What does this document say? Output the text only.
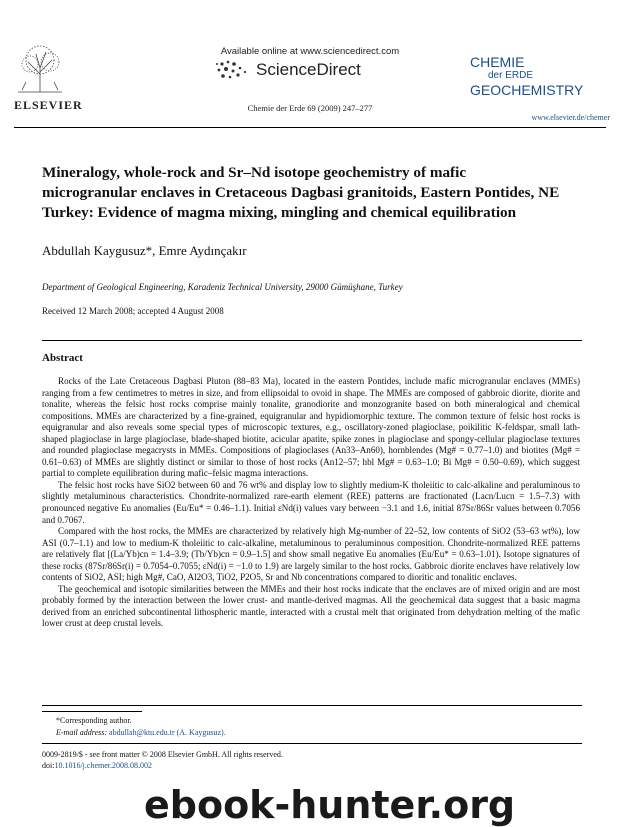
ELSEVIER
Available online at www.sciencedirect.com
ScienceDirect
Chemie der Erde 69 (2009) 247–277
CHEMIE
der ERDE
GEOCHEMISTRY
www.elsevier.de/chemer
Mineralogy, whole-rock and Sr–Nd isotope geochemistry of mafic microgranular enclaves in Cretaceous Dagbasi granitoids, Eastern Pontides, NE Turkey: Evidence of magma mixing, mingling and chemical equilibration
Abdullah Kaygusuz*, Emre Aydınçakır
Department of Geological Engineering, Karadeniz Technical University, 29000 Gümüşhane, Turkey
Received 12 March 2008; accepted 4 August 2008
Abstract

Rocks of the Late Cretaceous Dagbasi Pluton (88–83 Ma), located in the eastern Pontides, include mafic microgranular enclaves (MMEs) ranging from a few centimetres to metres in size, and from ellipsoidal to ovoid in shape. The MMEs are composed of gabbroic diorite, diorite and tonalite, whereas the felsic host rocks comprise mainly tonalite, granodiorite and monzogranite based on both mineralogical and chemical compositions. MMEs are characterized by a fine-grained, equigranular and hypidiomorphic texture. The common texture of felsic host rocks is equigranular and also reveals some special types of microscopic textures, e.g., oscillatory-zoned plagioclase, poikilitic K-feldspar, small lath-shaped plagioclase in large plagioclase, blade-shaped biotite, acicular apatite, spike zones in plagioclase and spongy-cellular plagioclase textures and rounded plagioclase megacrysts in MMEs. Compositions of plagioclases (An33–An60), hornblendes (Mg# = 0.77–1.0) and biotites (Mg# = 0.61–0.63) of MMEs are slightly distinct or similar to those of host rocks (An12–57; hbl Mg# = 0.63–1.0; Bi Mg# = 0.50–0.69), which suggest partial to complete equilibration during mafic–felsic magma interactions.

The felsic host rocks have SiO2 between 60 and 76 wt% and display low to slightly medium-K tholeiitic to calc-alkaline and peraluminous to slightly metaluminous characteristics. Chondrite-normalized rare-earth element (REE) patterns are fractionated (Lacn/Lucn = 1.5–7.3) with pronounced negative Eu anomalies (Eu/Eu* = 0.46–1.1). Initial εNd(i) values vary between −3.1 and 1.6, initial 87Sr/86Sr values between 0.7056 and 0.7067.

Compared with the host rocks, the MMEs are characterized by relatively high Mg-number of 22–52, low contents of SiO2 (53–63 wt%), low ASI (0.7–1.1) and low to medium-K tholeiitic to calc-alkaline, metaluminous to peraluminous composition. Chondrite-normalized REE patterns are relatively flat [(La/Yb)cn = 1.4–3.9; (Tb/Yb)cn = 0.9–1.5] and show small negative Eu anomalies (Eu/Eu* = 0.63–1.01). Isotope signatures of these rocks (87Sr/86Sr(i) = 0.7054–0.7055; εNd(i) = −1.0 to 1.9) are largely similar to the host rocks. Gabbroic diorite enclaves have relatively low contents of SiO2, ASI; high Mg#, CaO, Al2O3, TiO2, P2O5, Sr and Nb concentrations compared to dioritic and tonalitic enclaves.

The geochemical and isotopic similarities between the MMEs and their host rocks indicate that the enclaves are of mixed origin and are most probably formed by the interaction between the lower crust- and mantle-derived magmas. All the geochemical data suggest that a basic magma derived from an enriched subcontinental lithospheric mantle, interacted with a crustal melt that originated from dehydration melting of the mafic lower crust at deep crustal levels.

*Corresponding author.
E-mail address: abdullah@ktu.edu.tr (A. Kaygusuz).
0009-2819/$ - see front matter © 2008 Elsevier GmbH. All rights reserved.
doi:10.1016/j.chemer.2008.08.002
ebook-hunter.org
